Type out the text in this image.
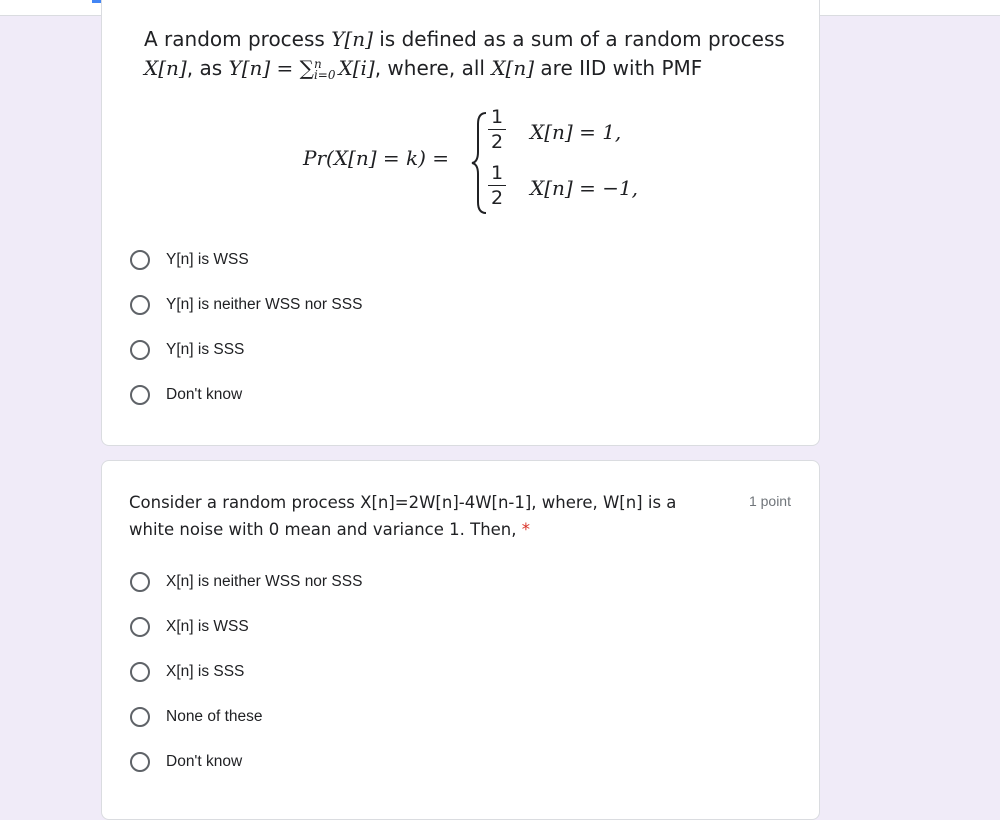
A random process Y[n] is defined as a sum of a random process
X[n], as Y[n] = ∑ n
i=0 X[i], where, all X[n] are IID with PMF
Pr(X[n] = k) =
1
2
1
2
X[n] = 1,
X[n] = −1,
Y[n] is WSS
Y[n] is neither WSS nor SSS
Y[n] is SSS
Don't know
Consider a random process X[n]=2W[n]-4W[n-1], where, W[n] is a white noise with 0 mean and variance 1. Then, *
1 point
X[n] is neither WSS nor SSS
X[n] is WSS
X[n] is SSS
None of these
Don't know
